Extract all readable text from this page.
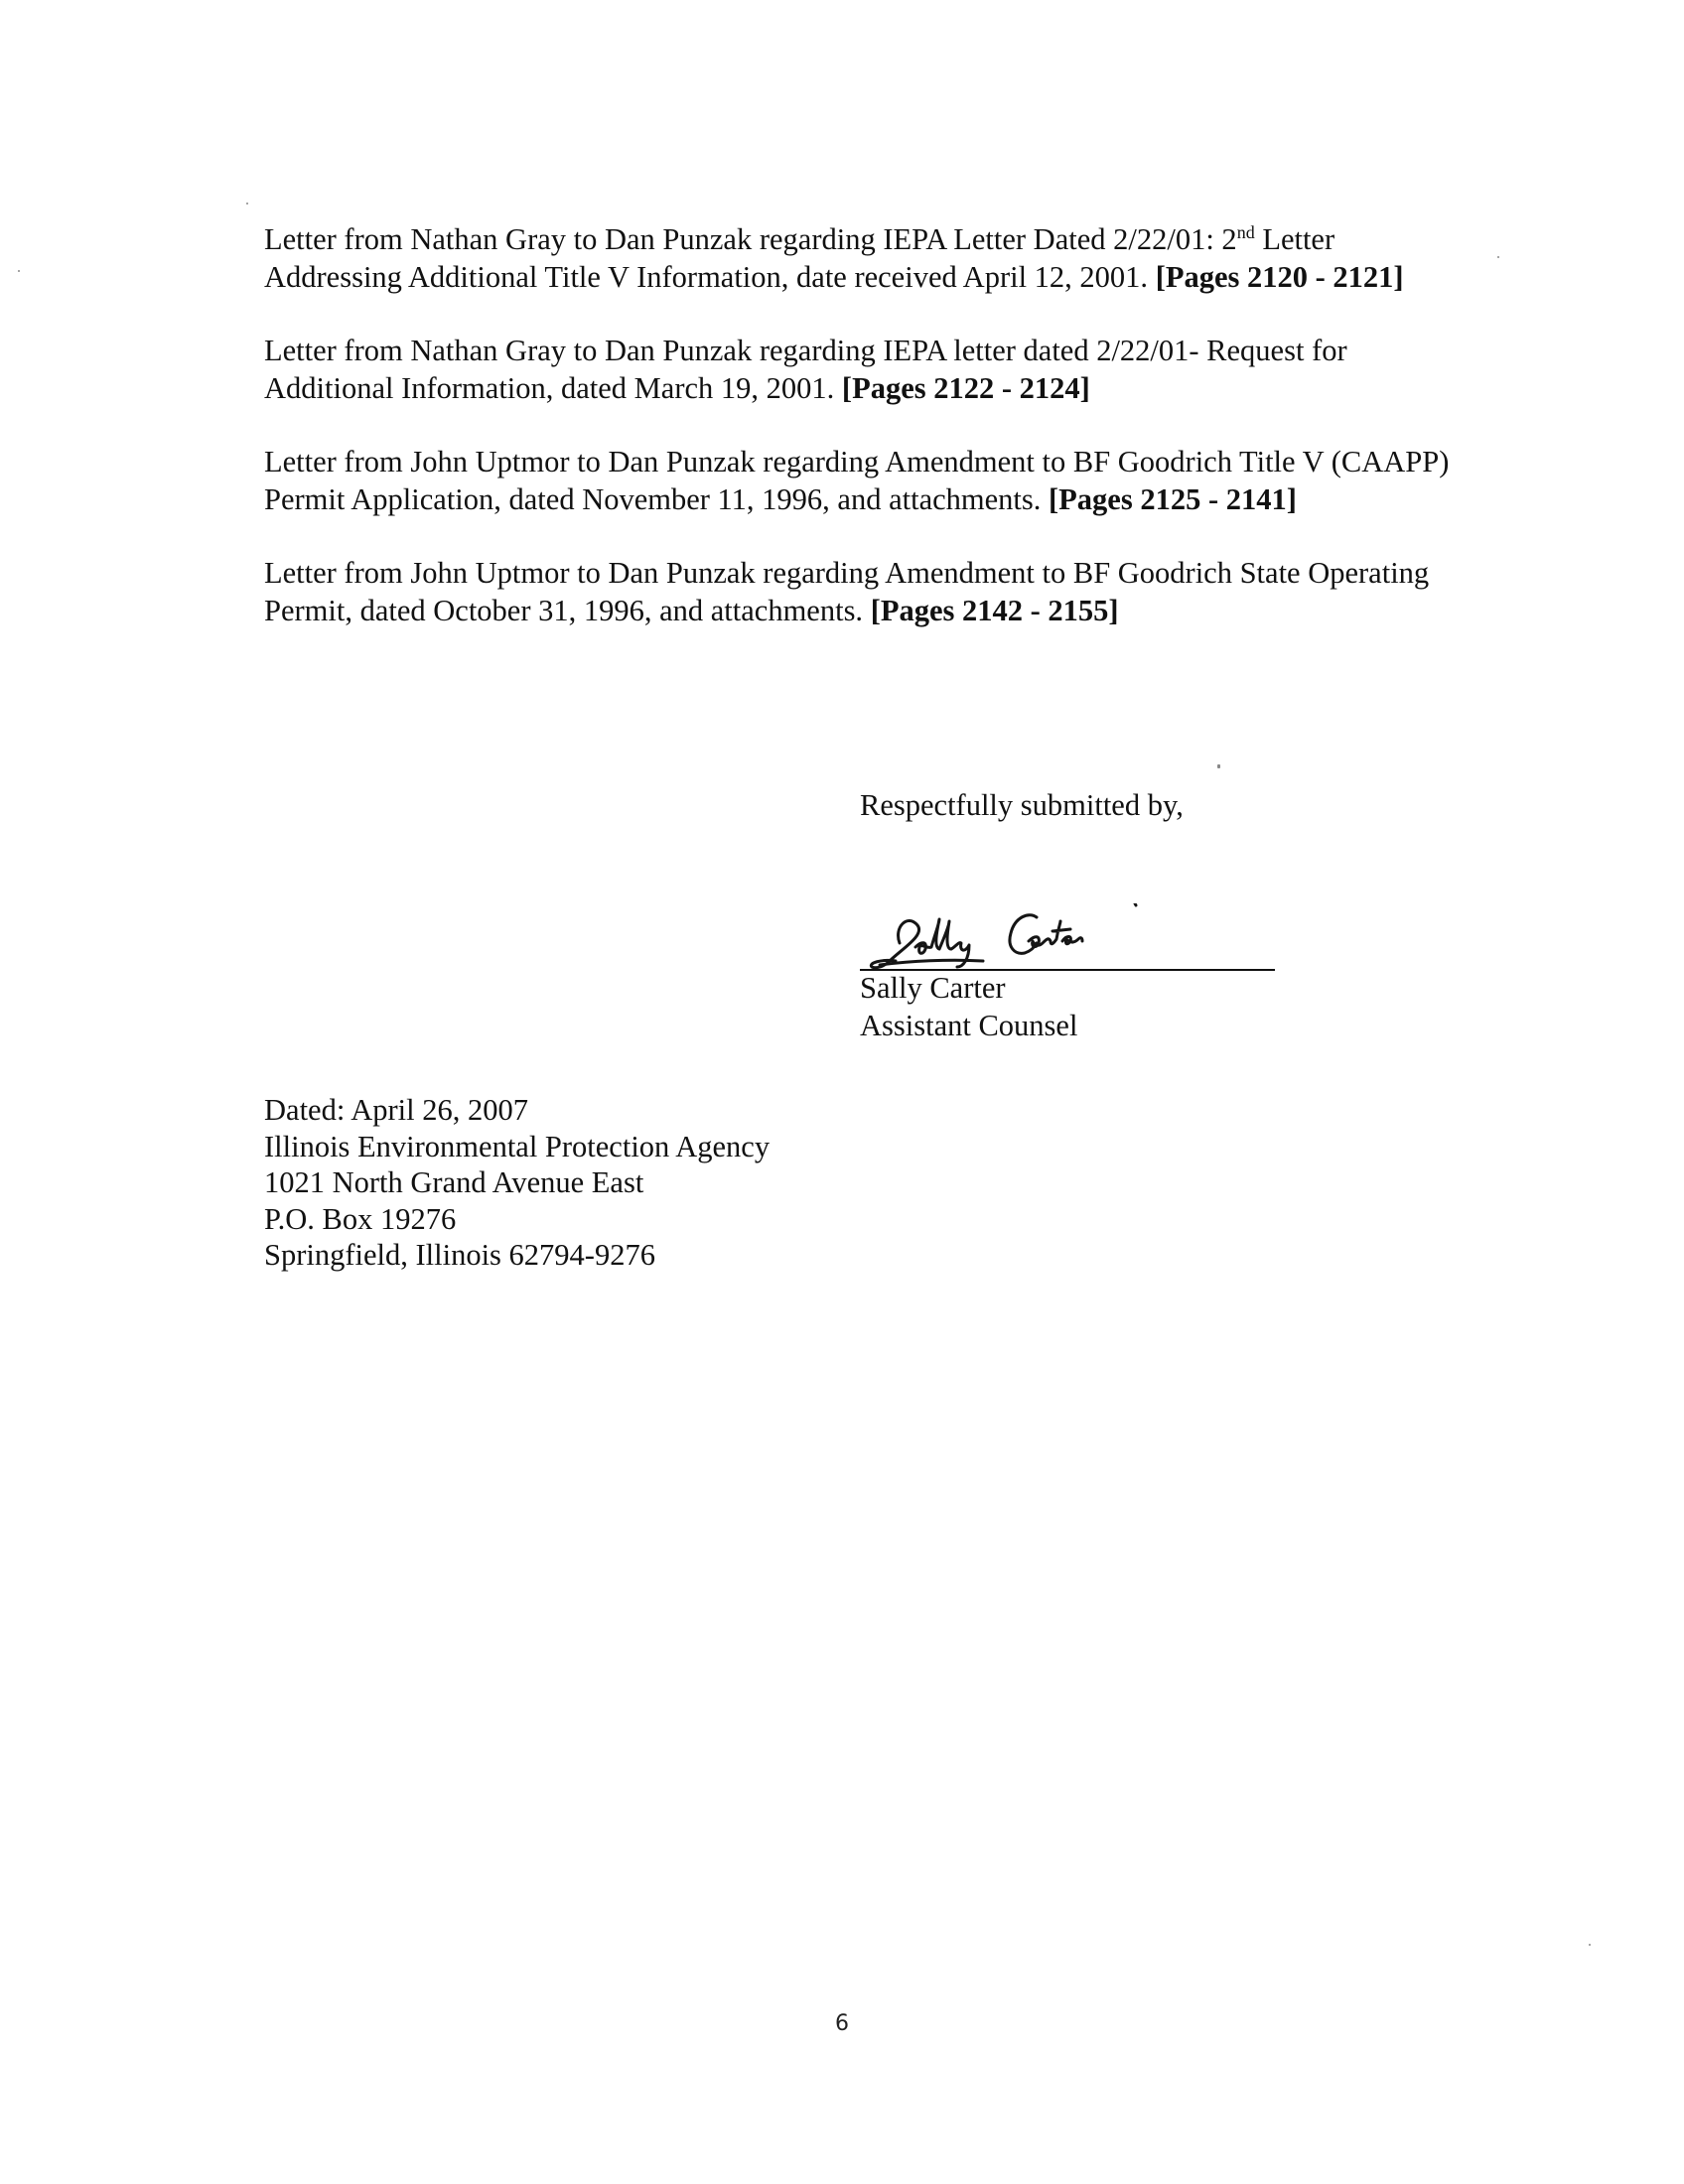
Letter from Nathan Gray to Dan Punzak regarding IEPA Letter Dated 2/22/01: 2nd Letter Addressing Additional Title V Information, date received April 12, 2001. [Pages 2120 - 2121]

Letter from Nathan Gray to Dan Punzak regarding IEPA letter dated 2/22/01- Request for Additional Information, dated March 19, 2001. [Pages 2122 - 2124]

Letter from John Uptmor to Dan Punzak regarding Amendment to BF Goodrich Title V (CAAPP) Permit Application, dated November 11, 1996, and attachments. [Pages 2125 - 2141]

Letter from John Uptmor to Dan Punzak regarding Amendment to BF Goodrich State Operating Permit, dated October 31, 1996, and attachments. [Pages 2142 - 2155]

Respectfully submitted by,
Sally Carter
Assistant Counsel
Dated: April 26, 2007
Illinois Environmental Protection Agency
1021 North Grand Avenue East
P.O. Box 19276
Springfield, Illinois 62794-9276
6
